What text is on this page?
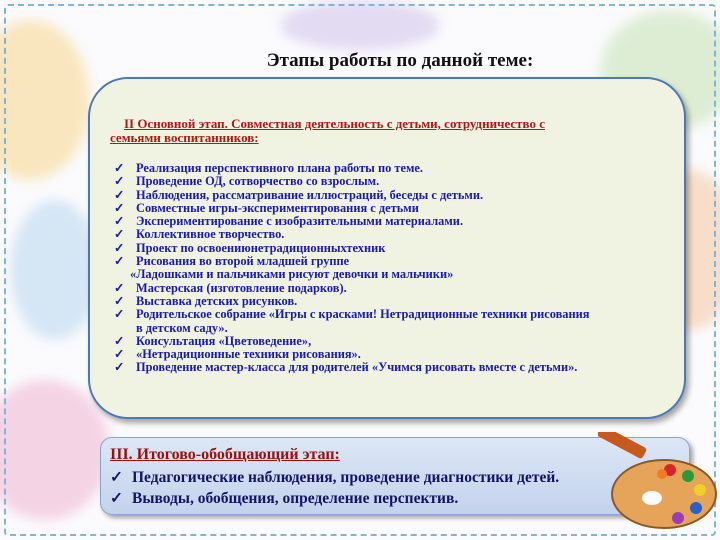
Этапы работы по данной теме:
II Основной этап. Совместная деятельность с детьми, сотрудничество с
семьями воспитанников:
✓ Реализация перспективного плана работы по теме.
✓ Проведение ОД, сотворчество со взрослым.
✓ Наблюдения, рассматривание иллюстраций, беседы с детьми.
✓ Совместные игры-экспериментирования с детьми
✓ Экспериментирование с изобразительными материалами.
✓ Коллективное творчество.
✓ Проект по освоениюнетрадиционныхтехник
✓ Рисования во второй младшей группе
«Ладошками и пальчиками рисуют девочки и мальчики»
✓ Мастерская (изготовление подарков).
✓ Выставка детских рисунков.
✓ Родительское собрание «Игры с красками! Нетрадиционные техники рисования
в детском саду».
✓ Консультация «Цветоведение»,
✓ «Нетрадиционные техники рисования».
✓ Проведение мастер-класса для родителей «Учимся рисовать вместе с детьми».
III. Итогово-обобщающий этап:
✓ Педагогические наблюдения, проведение диагностики детей.
✓ Выводы, обобщения, определение перспектив.
